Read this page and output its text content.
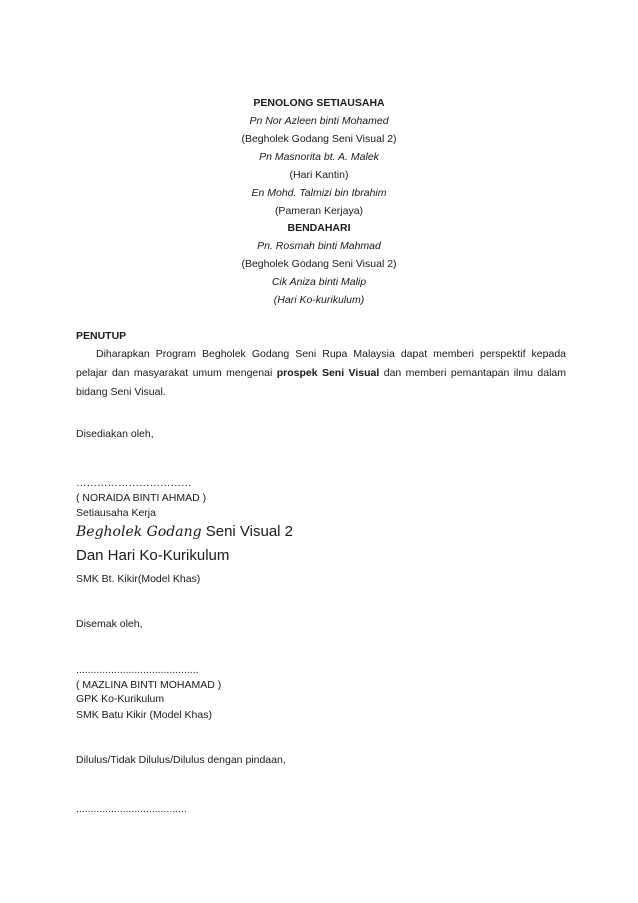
PENOLONG SETIAUSAHA
Pn Nor Azleen binti Mohamed
(Begholek Godang Seni Visual 2)
Pn Masnorita bt. A. Malek
(Hari Kantin)
En Mohd. Talmizi bin Ibrahim
(Pameran Kerjaya)
BENDAHARI
Pn. Rosmah binti Mahmad
(Begholek Godang Seni Visual 2)
Cik Aniza binti Malip
(Hari Ko-kurikulum)
PENUTUP
Diharapkan Program Begholek Godang Seni Rupa Malaysia dapat memberi perspektif kepada pelajar dan masyarakat umum mengenai prospek Seni Visual dan memberi pemantapan ilmu dalam bidang Seni Visual.
Disediakan oleh,
……………………………
( NORAIDA BINTI AHMAD )
Setiausaha Kerja
Begholek Godang Seni Visual 2
Dan Hari Ko-Kurikulum
SMK Bt. Kikir(Model Khas)
Disemak oleh,
..........................................
( MAZLINA BINTI MOHAMAD )
GPK Ko-Kurikulum
SMK Batu Kikir (Model Khas)
Dilulus/Tidak Dilulus/Dilulus dengan pindaan,
......................................
